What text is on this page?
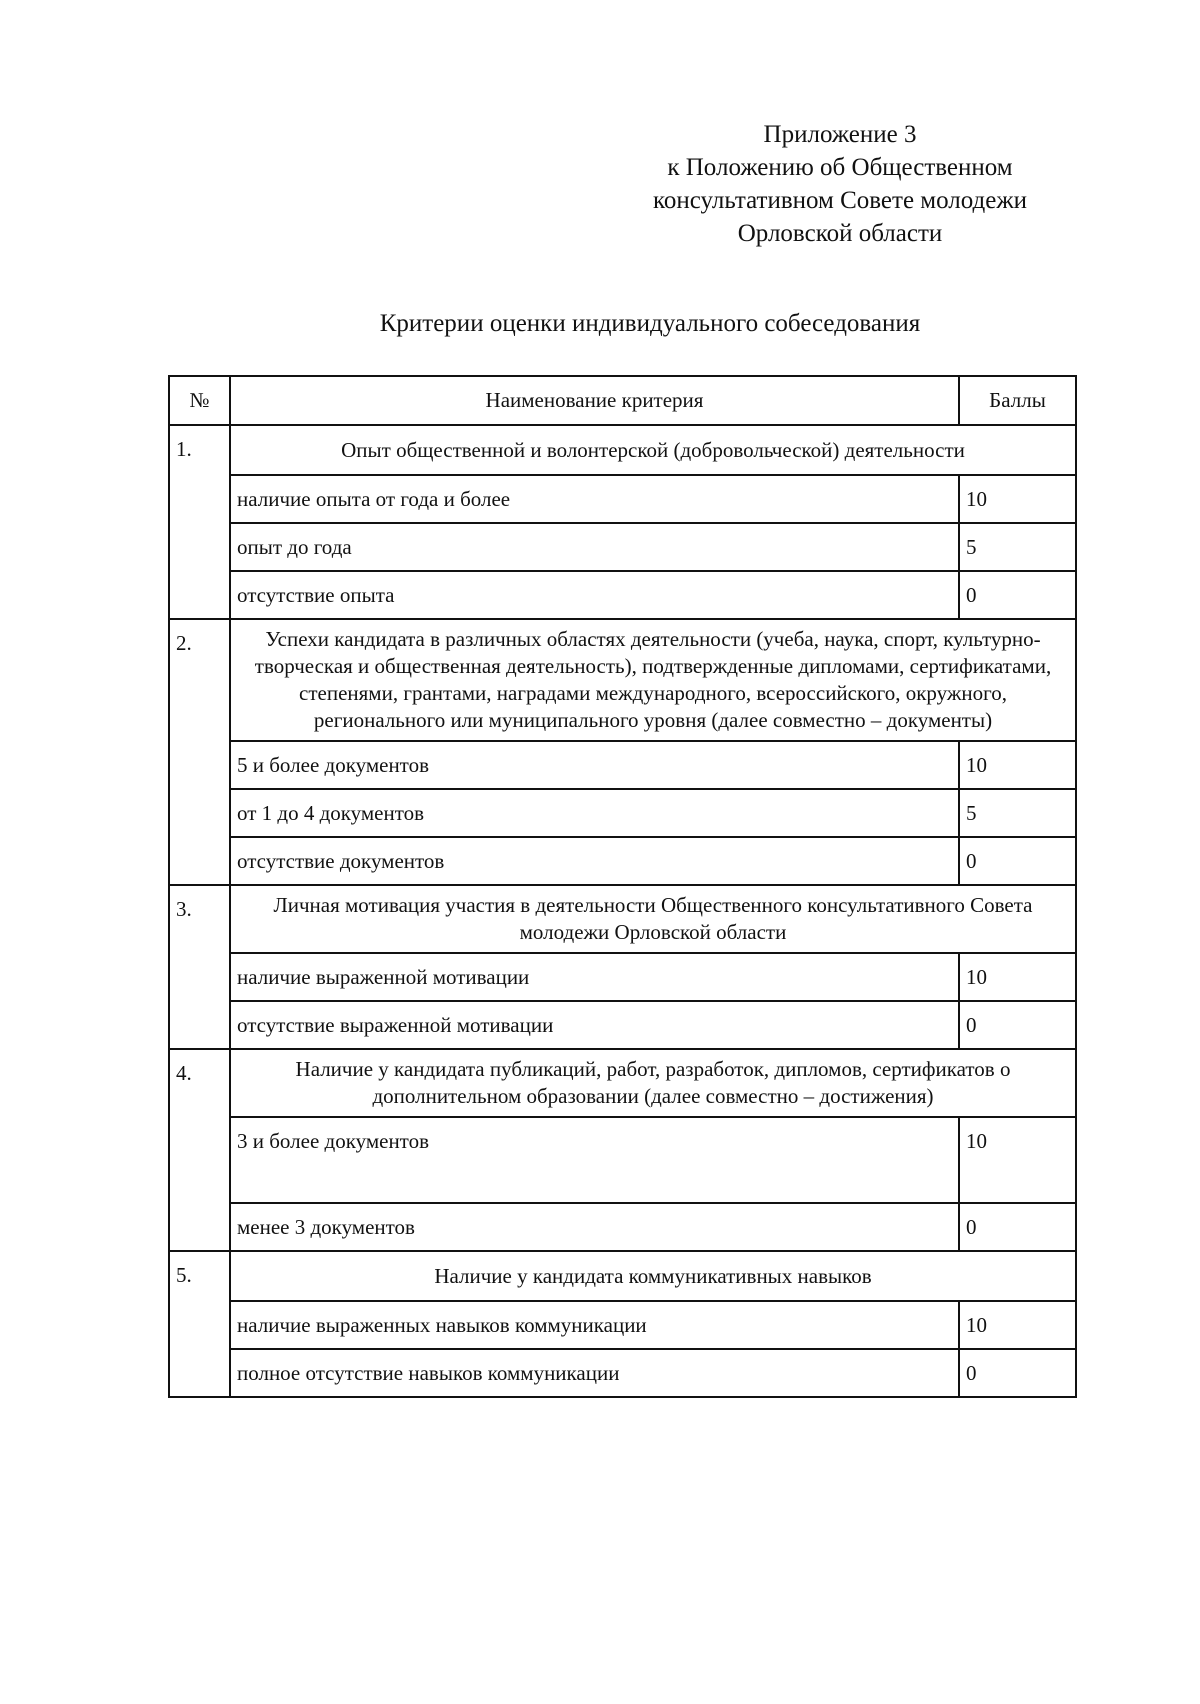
Приложение 3
к Положению об Общественном
консультативном Совете молодежи
Орловской области
Критерии оценки индивидуального собеседования
№	Наименование критерия	Баллы
1.	Опыт общественной и волонтерской (добровольческой) деятельности	
	наличие опыта от года и более	10
	опыт до года	5
	отсутствие опыта	0
2.	Успехи кандидата в различных областях деятельности (учеба, наука, спорт, культурно-творческая и общественная деятельность), подтвержденные дипломами, сертификатами, степенями, грантами, наградами международного, всероссийского, окружного, регионального или муниципального уровня (далее совместно – документы)	
	5 и более документов	10
	от 1 до 4 документов	5
	отсутствие документов	0
3.	Личная мотивация участия в деятельности Общественного консультативного Совета молодежи Орловской области	
	наличие выраженной мотивации	10
	отсутствие выраженной мотивации	0
4.	Наличие у кандидата публикаций, работ, разработок, дипломов, сертификатов о дополнительном образовании (далее совместно – достижения)	
	3 и более документов	10
	менее 3 документов	0
5.	Наличие у кандидата коммуникативных навыков	
	наличие выраженных навыков коммуникации	10
	полное отсутствие навыков коммуникации	0
